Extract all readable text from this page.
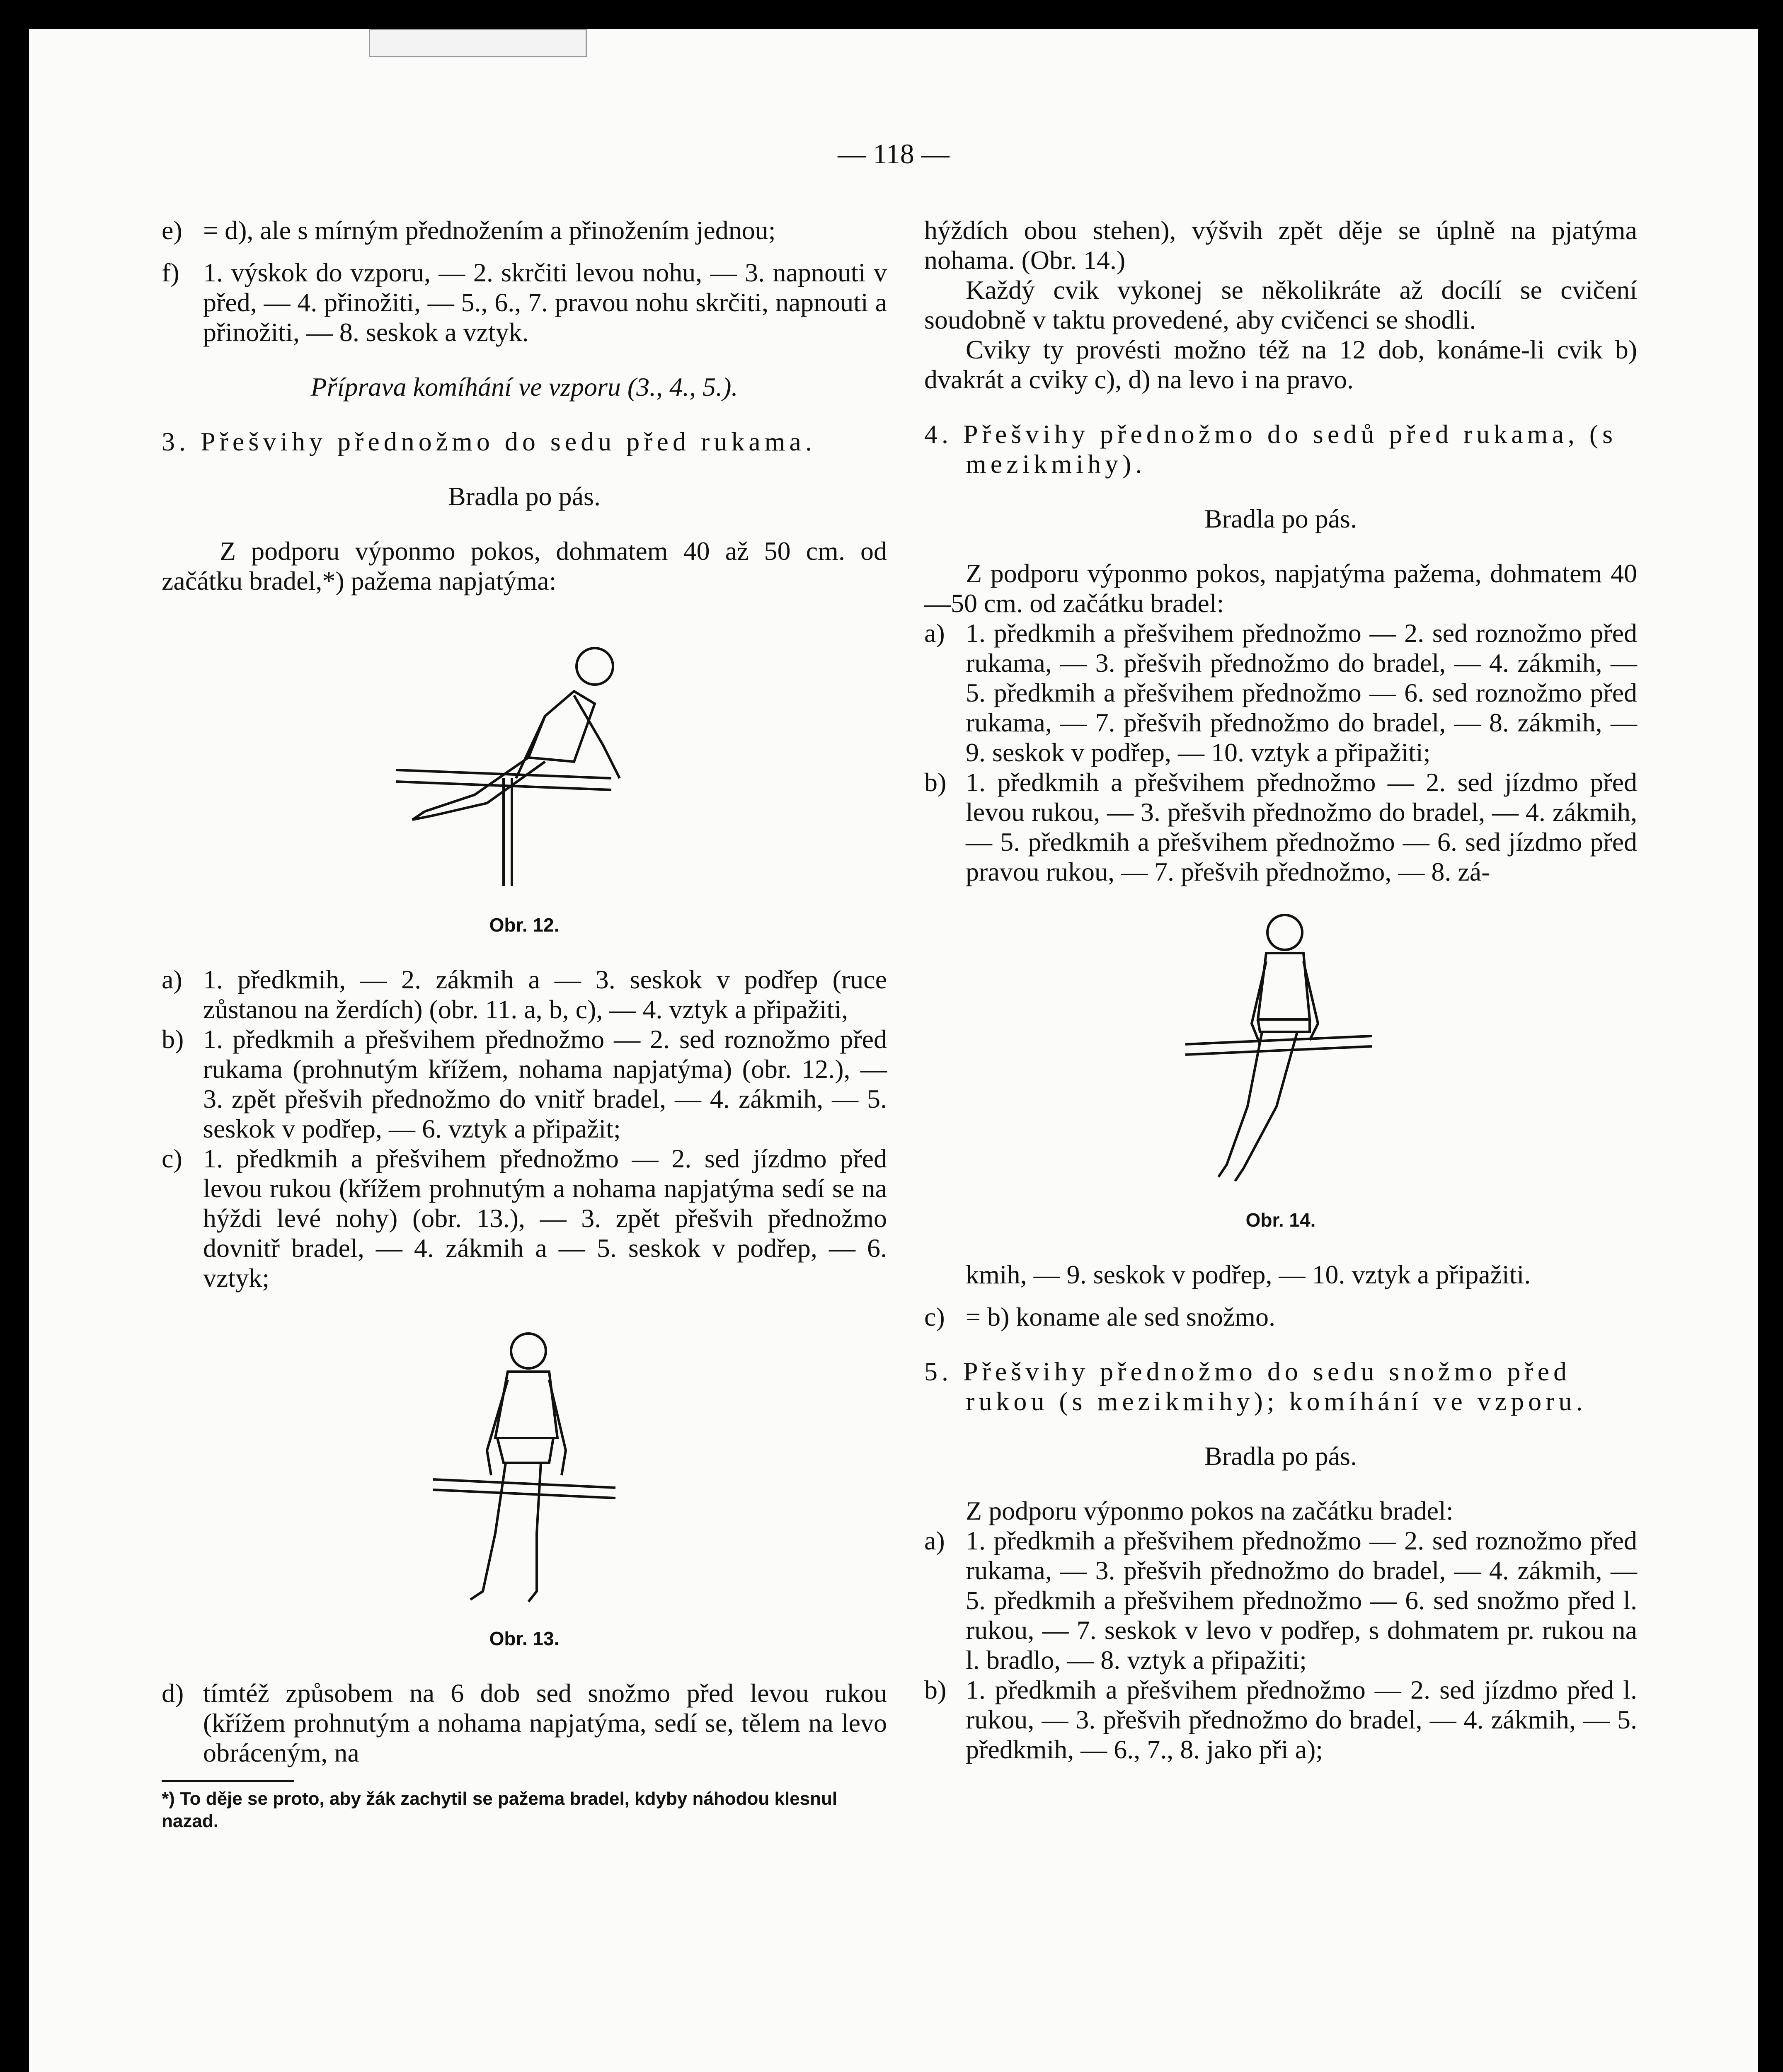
— 118 —
e) = d), ale s mírným přednožením a přinožením jednou;
f) 1. výskok do vzporu, — 2. skrčiti levou nohu, — 3. napnouti v před, — 4. přinožiti, — 5., 6., 7. pravou nohu skrčiti, napnouti a přinožiti, — 8. seskok a vztyk.

Příprava komíhání ve vzporu (3., 4., 5.).

3. Přešvihy přednožmo do sedu před rukama.

Bradla po pás.

Z podporu výponmo pokos, dohmatem 40 až 50 cm. od začátku bradel,*) pažema napjatýma:

Obr. 12.
a) 1. předkmih, — 2. zákmih a — 3. seskok v podřep (ruce zůstanou na žerdích) (obr. 11. a, b, c), — 4. vztyk a připažiti,
b) 1. předkmih a přešvihem přednožmo — 2. sed roznožmo před rukama (prohnutým křížem, nohama napjatýma) (obr. 12.), — 3. zpět přešvih přednožmo do vnitř bradel, — 4. zákmih, — 5. seskok v podřep, — 6. vztyk a připažit;
c) 1. předkmih a přešvihem přednožmo — 2. sed jízdmo před levou rukou (křížem prohnutým a nohama napjatýma sedí se na hýždi levé nohy) (obr. 13.), — 3. zpět přešvih přednožmo dovnitř bradel, — 4. zákmih a — 5. seskok v podřep, — 6. vztyk;
Obr. 13.
d) tímtéž způsobem na 6 dob sed snožmo před levou rukou (křížem prohnutým a nohama napjatýma, sedí se, tělem na levo obráceným, na

*) To děje se proto, aby žák zachytil se pažema bradel, kdyby náhodou klesnul nazad.

hýždích obou stehen), výšvih zpět děje se úplně na pjatýma nohama. (Obr. 14.)

Každý cvik vykonej se několikráte až docílí se cvičení soudobně v taktu provedené, aby cvičenci se shodli.

Cviky ty provésti možno též na 12 dob, konáme-li cvik b) dvakrát a cviky c), d) na levo i na pravo.

4. Přešvihy přednožmo do sedů před rukama, (s mezikmihy).

Bradla po pás.

Z podporu výponmo pokos, napjatýma pažema, dohmatem 40—50 cm. od začátku bradel:

a) 1. předkmih a přešvihem přednožmo — 2. sed roznožmo před rukama, — 3. přešvih přednožmo do bradel, — 4. zákmih, — 5. předkmih a přešvihem přednožmo — 6. sed roznožmo před rukama, — 7. přešvih přednožmo do bradel, — 8. zákmih, — 9. seskok v podřep, — 10. vztyk a připažiti;
b) 1. předkmih a přešvihem přednožmo — 2. sed jízdmo před levou rukou, — 3. přešvih přednožmo do bradel, — 4. zákmih, — 5. předkmih a přešvihem přednožmo — 6. sed jízdmo před pravou rukou, — 7. přešvih přednožmo, — 8. zá-
Obr. 14.

kmih, — 9. seskok v podřep, — 10. vztyk a připažiti.

c) = b) koname ale sed snožmo.

5. Přešvihy přednožmo do sedu snožmo před rukou (s mezikmihy); komíhání ve vzporu.

Bradla po pás.

Z podporu výponmo pokos na začátku bradel:

a) 1. předkmih a přešvihem přednožmo — 2. sed roznožmo před rukama, — 3. přešvih přednožmo do bradel, — 4. zákmih, — 5. předkmih a přešvihem přednožmo — 6. sed snožmo před l. rukou, — 7. seskok v levo v podřep, s dohmatem pr. rukou na l. bradlo, — 8. vztyk a připažiti;
b) 1. předkmih a přešvihem přednožmo — 2. sed jízdmo před l. rukou, — 3. přešvih přednožmo do bradel, — 4. zákmih, — 5. předkmih, — 6., 7., 8. jako při a);
